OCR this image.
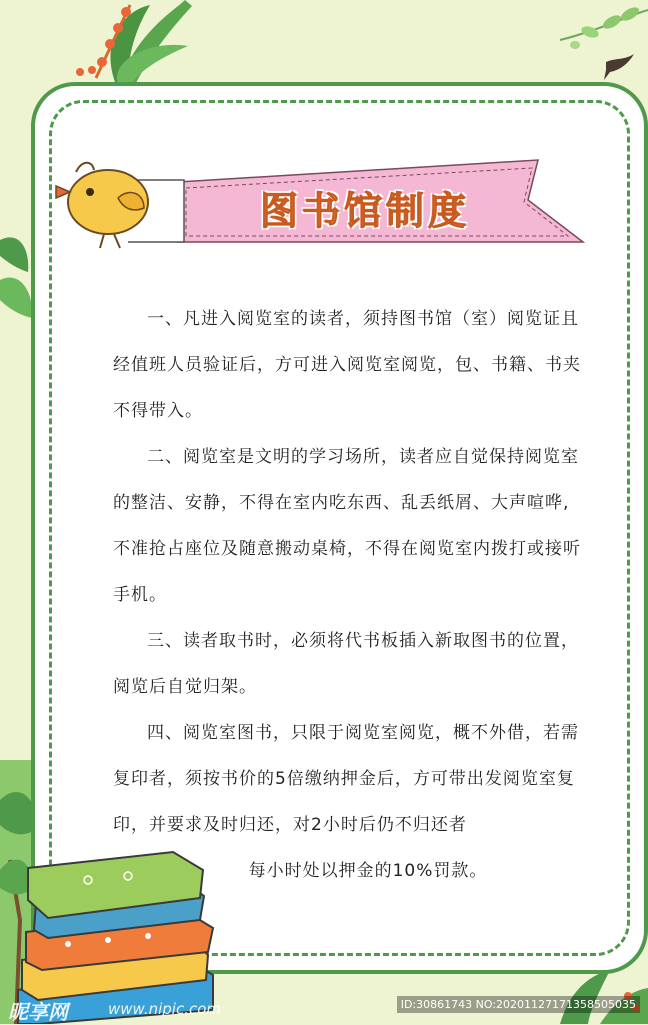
图书馆制度

一、凡进入阅览室的读者，须持图书馆（室）阅览证且经值班人员验证后，方可进入阅览室阅览，包、书籍、书夹不得带入。

二、阅览室是文明的学习场所，读者应自觉保持阅览室的整洁、安静，不得在室内吃东西、乱丢纸屑、大声喧哗,不准抢占座位及随意搬动桌椅，不得在阅览室内拨打或接听手机。

三、读者取书时，必须将代书板插入新取图书的位置，阅览后自觉归架。

四、阅览室图书，只限于阅览室阅览，概不外借，若需复印者，须按书价的5倍缴纳押金后，方可带出发阅览室复印，并要求及时归还，对2小时后仍不归还者

每小时处以押金的10%罚款。

昵享网	www.nipic.com	ID:30861743 NO:20201127171358505035
